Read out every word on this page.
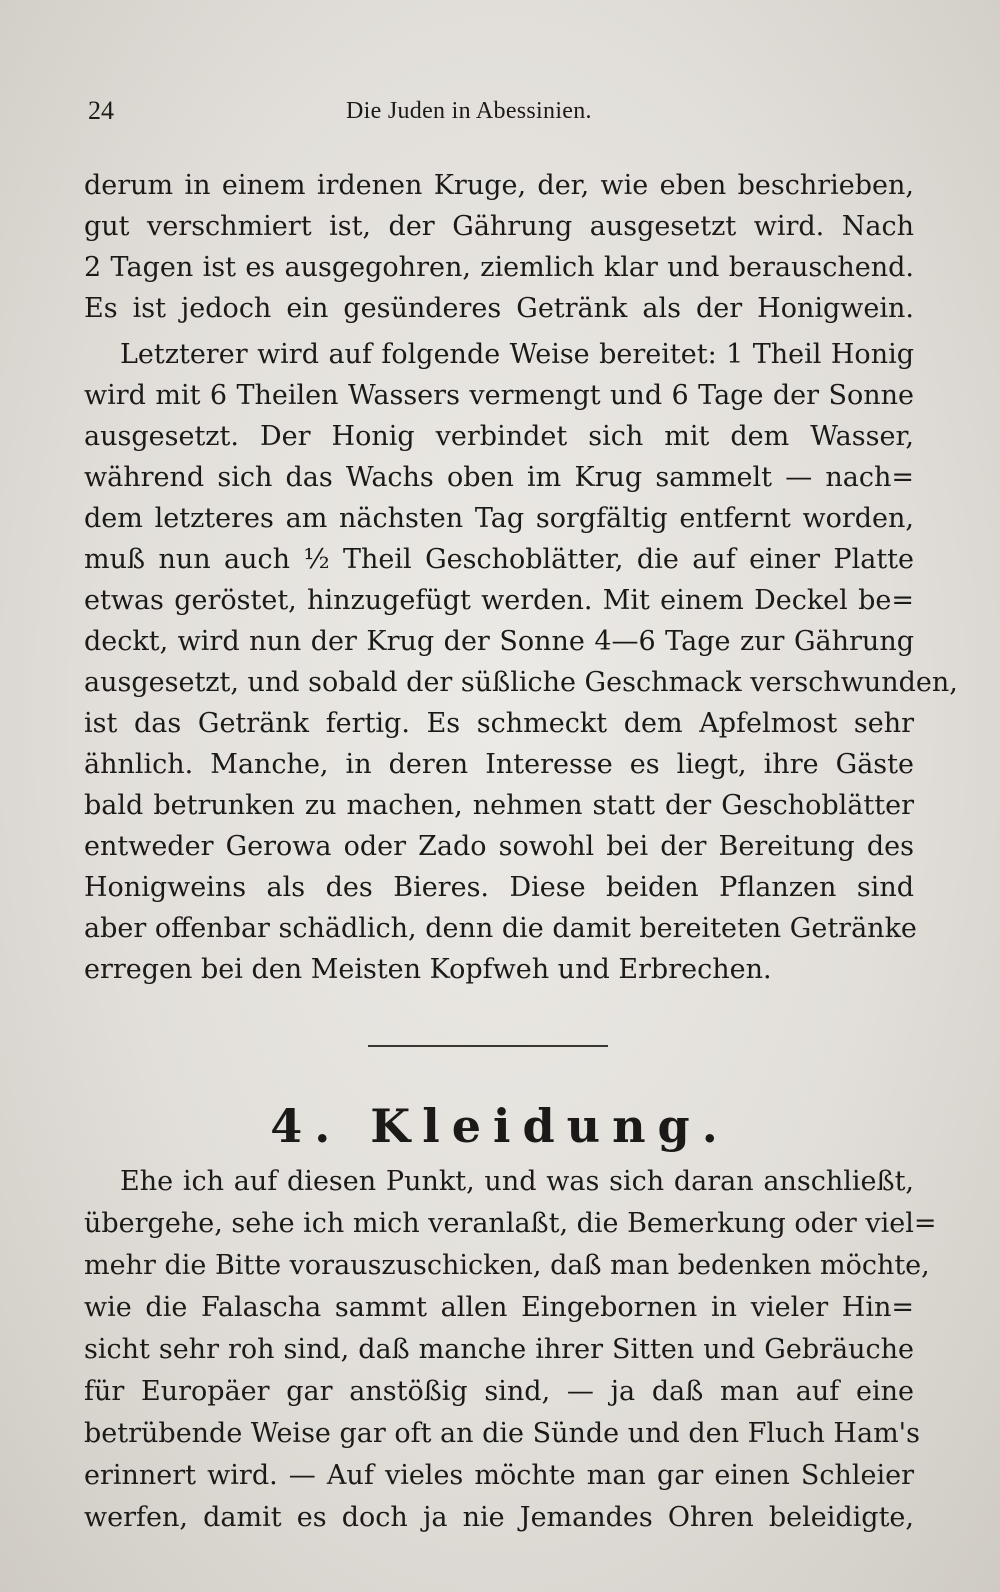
24	Die Juden in Abessinien.
derum in einem irdenen Kruge, der, wie eben beschrieben,
gut verschmiert ist, der Gährung ausgesetzt wird. Nach
2 Tagen ist es ausgegohren, ziemlich klar und berauschend.
Es ist jedoch ein gesünderes Getränk als der Honigwein.
Letzterer wird auf folgende Weise bereitet: 1 Theil Honig
wird mit 6 Theilen Wassers vermengt und 6 Tage der Sonne
ausgesetzt. Der Honig verbindet sich mit dem Wasser,
während sich das Wachs oben im Krug sammelt — nach=
dem letzteres am nächsten Tag sorgfältig entfernt worden,
muß nun auch ½ Theil Geschoblätter, die auf einer Platte
etwas geröstet, hinzugefügt werden. Mit einem Deckel be=
deckt, wird nun der Krug der Sonne 4—6 Tage zur Gährung
ausgesetzt, und sobald der süßliche Geschmack verschwunden,
ist das Getränk fertig. Es schmeckt dem Apfelmost sehr
ähnlich. Manche, in deren Interesse es liegt, ihre Gäste
bald betrunken zu machen, nehmen statt der Geschoblätter
entweder Gerowa oder Zado sowohl bei der Bereitung des
Honigweins als des Bieres. Diese beiden Pflanzen sind
aber offenbar schädlich, denn die damit bereiteten Getränke
erregen bei den Meisten Kopfweh und Erbrechen.
4. Kleidung.
Ehe ich auf diesen Punkt, und was sich daran anschließt,
übergehe, sehe ich mich veranlaßt, die Bemerkung oder viel=
mehr die Bitte vorauszuschicken, daß man bedenken möchte,
wie die Falascha sammt allen Eingebornen in vieler Hin=
sicht sehr roh sind, daß manche ihrer Sitten und Gebräuche
für Europäer gar anstößig sind, — ja daß man auf eine
betrübende Weise gar oft an die Sünde und den Fluch Ham's
erinnert wird. — Auf vieles möchte man gar einen Schleier
werfen, damit es doch ja nie Jemandes Ohren beleidigte,
